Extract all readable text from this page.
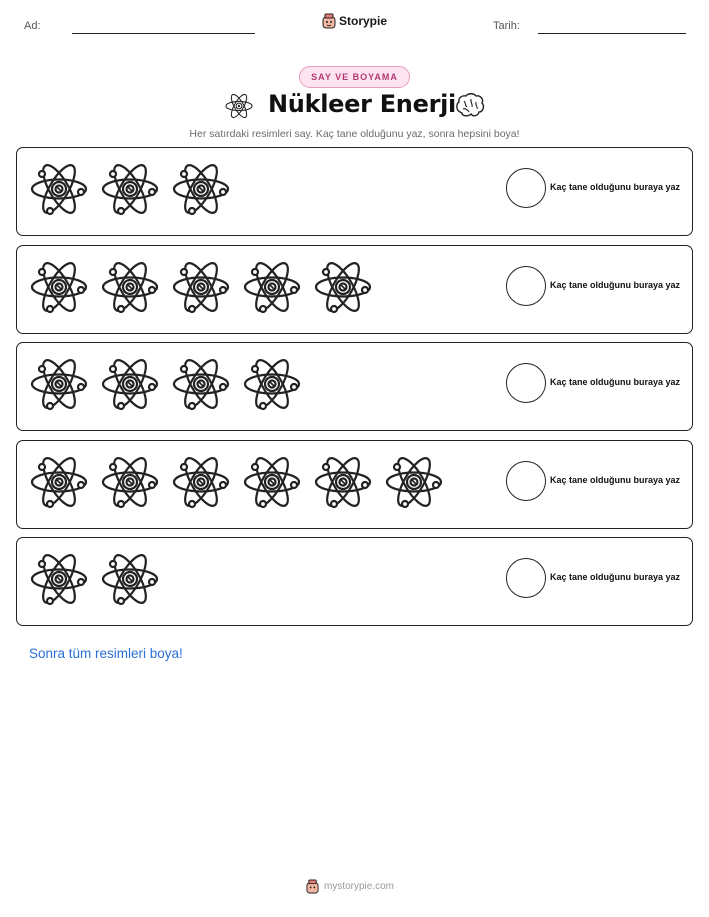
Ad:	Tarih:
Storypie
SAY VE BOYAMA
Nükleer Enerji
Her satırdaki resimleri say. Kaç tane olduğunu yaz, sonra hepsini boya!
Kaç tane olduğunu buraya yaz
Kaç tane olduğunu buraya yaz
Kaç tane olduğunu buraya yaz
Kaç tane olduğunu buraya yaz
Kaç tane olduğunu buraya yaz
Sonra tüm resimleri boya!
mystorypie.com
